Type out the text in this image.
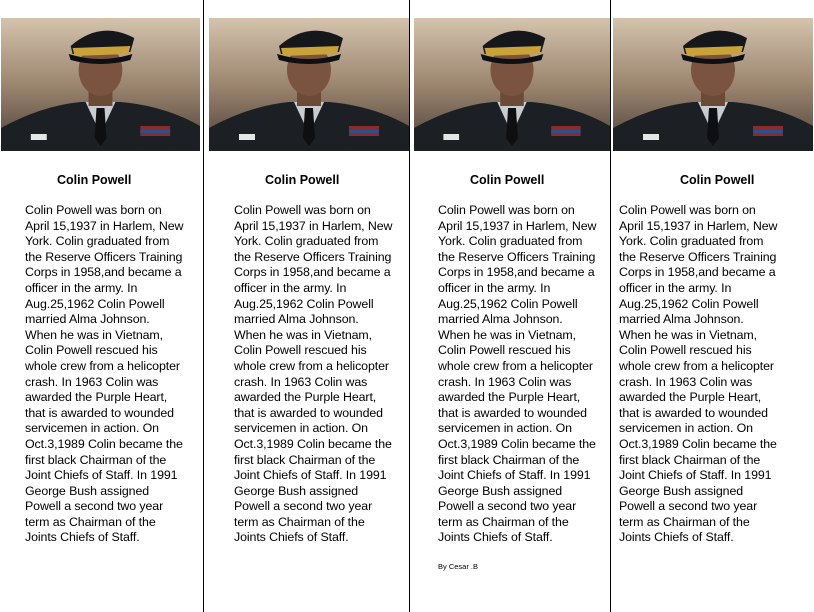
Colin Powell

Colin Powell was born on
April 15,1937 in Harlem, New
York. Colin graduated from
the Reserve Officers Training
Corps in 1958,and became a
officer in the army. In
Aug.25,1962 Colin Powell
married Alma Johnson.
When he was in Vietnam,
Colin Powell rescued his
whole crew from a helicopter
crash. In 1963 Colin was
awarded the Purple Heart,
that is awarded to wounded
servicemen in action. On
Oct.3,1989 Colin became the
first black Chairman of the
Joint Chiefs of Staff. In 1991
George Bush assigned
Powell a second two year
term as Chairman of the
Joints Chiefs of Staff.

Colin Powell

Colin Powell was born on
April 15,1937 in Harlem, New
York. Colin graduated from
the Reserve Officers Training
Corps in 1958,and became a
officer in the army. In
Aug.25,1962 Colin Powell
married Alma Johnson.
When he was in Vietnam,
Colin Powell rescued his
whole crew from a helicopter
crash. In 1963 Colin was
awarded the Purple Heart,
that is awarded to wounded
servicemen in action. On
Oct.3,1989 Colin became the
first black Chairman of the
Joint Chiefs of Staff. In 1991
George Bush assigned
Powell a second two year
term as Chairman of the
Joints Chiefs of Staff.

Colin Powell

Colin Powell was born on
April 15,1937 in Harlem, New
York. Colin graduated from
the Reserve Officers Training
Corps in 1958,and became a
officer in the army. In
Aug.25,1962 Colin Powell
married Alma Johnson.
When he was in Vietnam,
Colin Powell rescued his
whole crew from a helicopter
crash. In 1963 Colin was
awarded the Purple Heart,
that is awarded to wounded
servicemen in action. On
Oct.3,1989 Colin became the
first black Chairman of the
Joint Chiefs of Staff. In 1991
George Bush assigned
Powell a second two year
term as Chairman of the
Joints Chiefs of Staff.

Colin Powell

Colin Powell was born on
April 15,1937 in Harlem, New
York. Colin graduated from
the Reserve Officers Training
Corps in 1958,and became a
officer in the army. In
Aug.25,1962 Colin Powell
married Alma Johnson.
When he was in Vietnam,
Colin Powell rescued his
whole crew from a helicopter
crash. In 1963 Colin was
awarded the Purple Heart,
that is awarded to wounded
servicemen in action. On
Oct.3,1989 Colin became the
first black Chairman of the
Joint Chiefs of Staff. In 1991
George Bush assigned
Powell a second two year
term as Chairman of the
Joints Chiefs of Staff.

By Cesar .B
